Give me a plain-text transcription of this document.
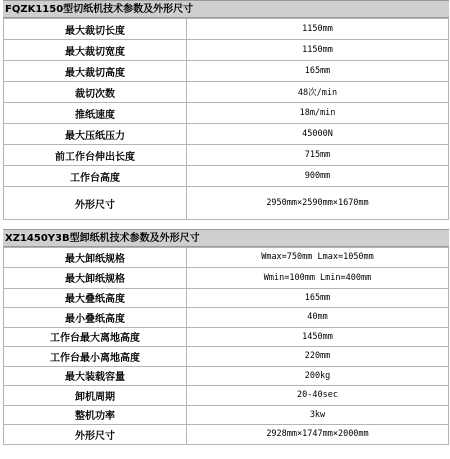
FQZK1150型切纸机技术参数及外形尺寸
最大裁切长度	1150mm
最大裁切宽度	1150mm
最大裁切高度	165mm
裁切次数	48次/min
推纸速度	18m/min
最大压纸压力	45000N
前工作台伸出长度	715mm
工作台高度	900mm
外形尺寸	2950mm×2590mm×1670mm
XZ1450Y3B型卸纸机技术参数及外形尺寸
最大卸纸规格	Wmax=750mm Lmax=1050mm
最大卸纸规格	Wmin=100mm Lmin=400mm
最大叠纸高度	165mm
最小叠纸高度	40mm
工作台最大离地高度	1450mm
工作台最小离地高度	220mm
最大装载容量	200kg
卸机周期	20-40sec
整机功率	3kw
外形尺寸	2928mm×1747mm×2000mm
